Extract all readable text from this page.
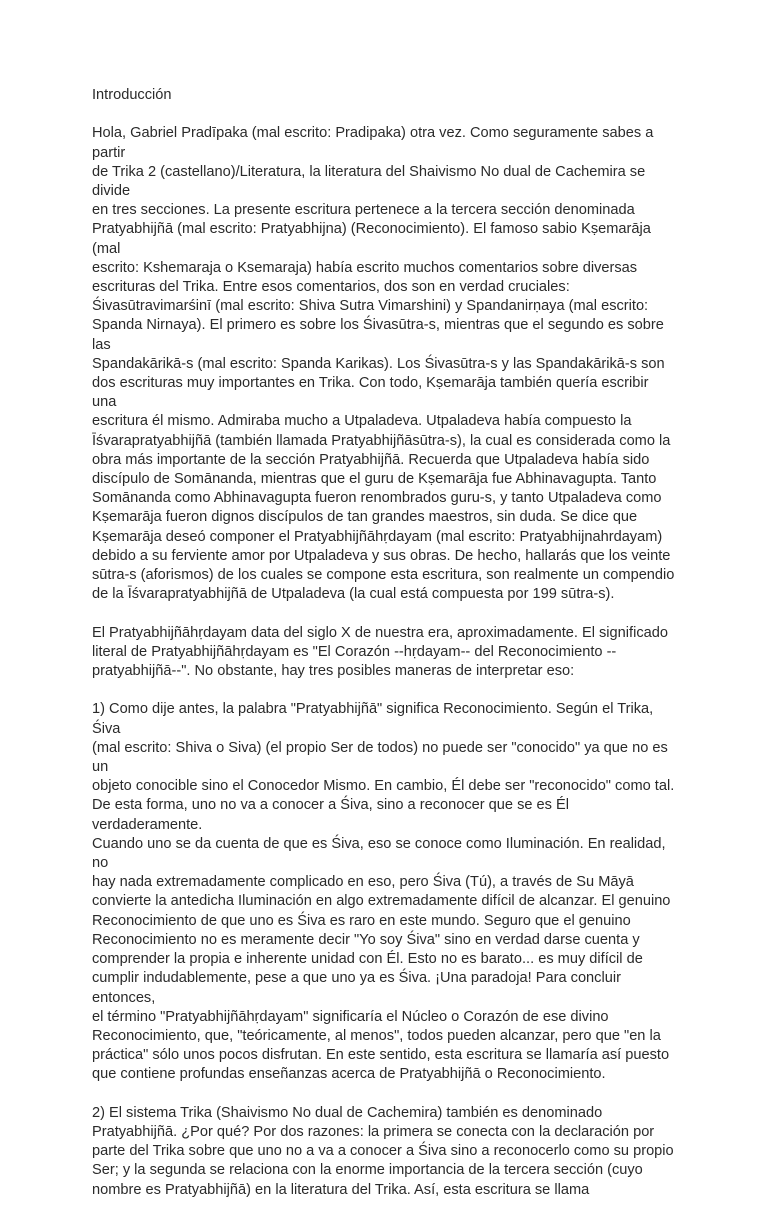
Introducción

Hola, Gabriel Pradīpaka (mal escrito: Pradipaka) otra vez. Como seguramente sabes a partir
de Trika 2 (castellano)/Literatura, la literatura del Shaivismo No dual de Cachemira se divide
en tres secciones. La presente escritura pertenece a la tercera sección denominada
Pratyabhijñā (mal escrito: Pratyabhijna) (Reconocimiento). El famoso sabio Kṣemarāja (mal
escrito: Kshemaraja o Ksemaraja) había escrito muchos comentarios sobre diversas
escrituras del Trika. Entre esos comentarios, dos son en verdad cruciales:
Śivasūtravimarśinī (mal escrito: Shiva Sutra Vimarshini) y Spandanirṇaya (mal escrito:
Spanda Nirnaya). El primero es sobre los Śivasūtra-s, mientras que el segundo es sobre las
Spandakārikā-s (mal escrito: Spanda Karikas). Los Śivasūtra-s y las Spandakārikā-s son
dos escrituras muy importantes en Trika. Con todo, Kṣemarāja también quería escribir una
escritura él mismo. Admiraba mucho a Utpaladeva. Utpaladeva había compuesto la
Īśvarapratyabhijñā (también llamada Pratyabhijñāsūtra-s), la cual es considerada como la
obra más importante de la sección Pratyabhijñā. Recuerda que Utpaladeva había sido
discípulo de Somānanda, mientras que el guru de Kṣemarāja fue Abhinavagupta. Tanto
Somānanda como Abhinavagupta fueron renombrados guru-s, y tanto Utpaladeva como
Kṣemarāja fueron dignos discípulos de tan grandes maestros, sin duda. Se dice que
Kṣemarāja deseó componer el Pratyabhijñāhṛdayam (mal escrito: Pratyabhijnahrdayam)
debido a su ferviente amor por Utpaladeva y sus obras. De hecho, hallarás que los veinte
sūtra-s (aforismos) de los cuales se compone esta escritura, son realmente un compendio
de la Īśvarapratyabhijñā de Utpaladeva (la cual está compuesta por 199 sūtra-s).

El Pratyabhijñāhṛdayam data del siglo X de nuestra era, aproximadamente. El significado
literal de Pratyabhijñāhṛdayam es "El Corazón --hṛdayam-- del Reconocimiento --
pratyabhijñā--". No obstante, hay tres posibles maneras de interpretar eso:

1) Como dije antes, la palabra "Pratyabhijñā" significa Reconocimiento. Según el Trika, Śiva
(mal escrito: Shiva o Siva) (el propio Ser de todos) no puede ser "conocido" ya que no es un
objeto conocible sino el Conocedor Mismo. En cambio, Él debe ser "reconocido" como tal.
De esta forma, uno no va a conocer a Śiva, sino a reconocer que se es Él verdaderamente.
Cuando uno se da cuenta de que es Śiva, eso se conoce como Iluminación. En realidad, no
hay nada extremadamente complicado en eso, pero Śiva (Tú), a través de Su Māyā
convierte la antedicha Iluminación en algo extremadamente difícil de alcanzar. El genuino
Reconocimiento de que uno es Śiva es raro en este mundo. Seguro que el genuino
Reconocimiento no es meramente decir "Yo soy Śiva" sino en verdad darse cuenta y
comprender la propia e inherente unidad con Él. Esto no es barato... es muy difícil de
cumplir indudablemente, pese a que uno ya es Śiva. ¡Una paradoja! Para concluir entonces,
el término "Pratyabhijñāhṛdayam" significaría el Núcleo o Corazón de ese divino
Reconocimiento, que, "teóricamente, al menos", todos pueden alcanzar, pero que "en la
práctica" sólo unos pocos disfrutan. En este sentido, esta escritura se llamaría así puesto
que contiene profundas enseñanzas acerca de Pratyabhijñā o Reconocimiento.

2) El sistema Trika (Shaivismo No dual de Cachemira) también es denominado
Pratyabhijñā. ¿Por qué? Por dos razones: la primera se conecta con la declaración por
parte del Trika sobre que uno no a va a conocer a Śiva sino a reconocerlo como su propio
Ser; y la segunda se relaciona con la enorme importancia de la tercera sección (cuyo
nombre es Pratyabhijñā) en la literatura del Trika. Así, esta escritura se llama
